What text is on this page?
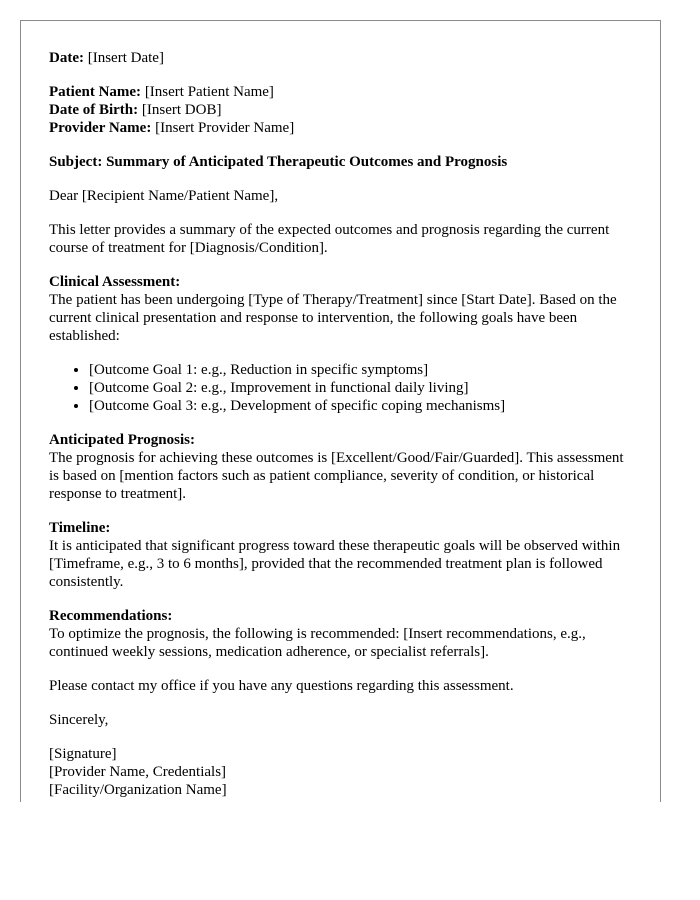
Date: [Insert Date]

Patient Name: [Insert Patient Name]
Date of Birth: [Insert DOB]
Provider Name: [Insert Provider Name]

Subject: Summary of Anticipated Therapeutic Outcomes and Prognosis

Dear [Recipient Name/Patient Name],

This letter provides a summary of the expected outcomes and prognosis regarding the current course of treatment for [Diagnosis/Condition].

Clinical Assessment:
The patient has been undergoing [Type of Therapy/Treatment] since [Start Date]. Based on the current clinical presentation and response to intervention, the following goals have been established:

• [Outcome Goal 1: e.g., Reduction in specific symptoms]
• [Outcome Goal 2: e.g., Improvement in functional daily living]
• [Outcome Goal 3: e.g., Development of specific coping mechanisms]

Anticipated Prognosis:
The prognosis for achieving these outcomes is [Excellent/Good/Fair/Guarded]. This assessment is based on [mention factors such as patient compliance, severity of condition, or historical response to treatment].

Timeline:
It is anticipated that significant progress toward these therapeutic goals will be observed within [Timeframe, e.g., 3 to 6 months], provided that the recommended treatment plan is followed consistently.

Recommendations:
To optimize the prognosis, the following is recommended: [Insert recommendations, e.g., continued weekly sessions, medication adherence, or specialist referrals].

Please contact my office if you have any questions regarding this assessment.

Sincerely,

[Signature]
[Provider Name, Credentials]
[Facility/Organization Name]
